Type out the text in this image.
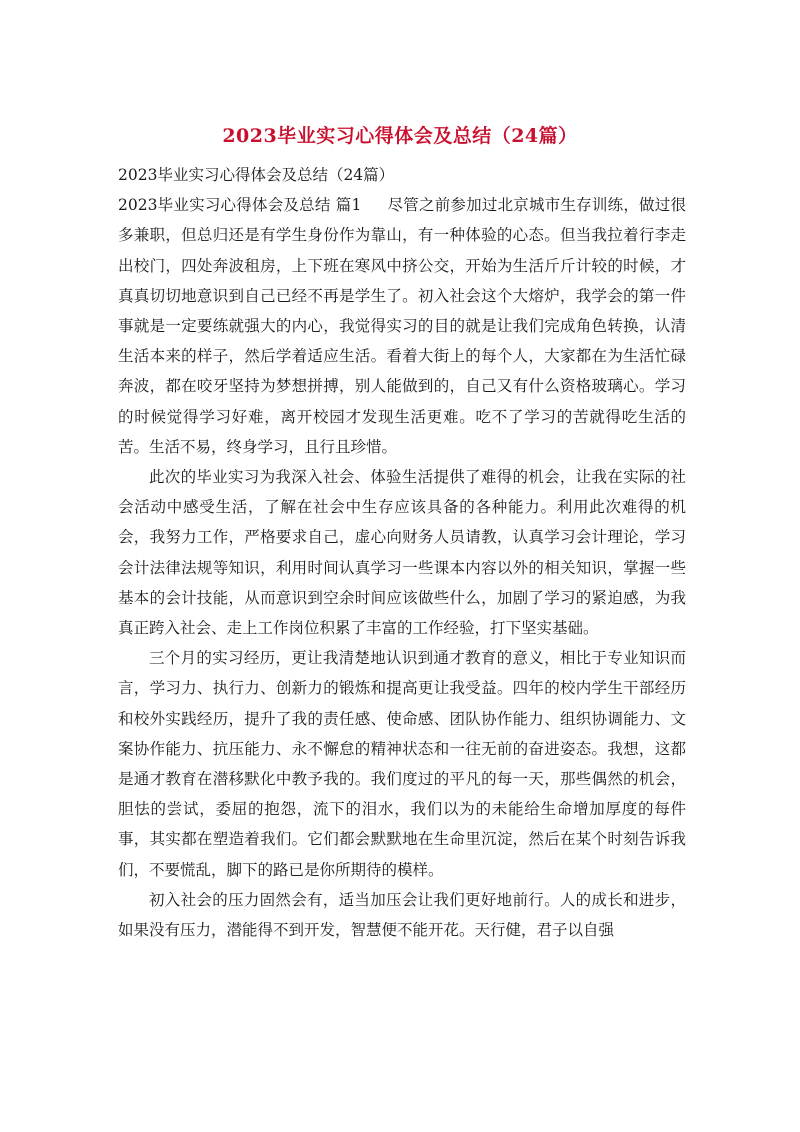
2023毕业实习心得体会及总结（24篇）

2023毕业实习心得体会及总结（24篇）

2023毕业实习心得体会及总结 篇1 尽管之前参加过北京城市生存训练，做过很多兼职，但总归还是有学生身份作为靠山，有一种体验的心态。但当我拉着行李走出校门，四处奔波租房，上下班在寒风中挤公交，开始为生活斤斤计较的时候，才真真切切地意识到自己已经不再是学生了。初入社会这个大熔炉，我学会的第一件事就是一定要练就强大的内心，我觉得实习的目的就是让我们完成角色转换，认清生活本来的样子，然后学着适应生活。看着大街上的每个人，大家都在为生活忙碌奔波，都在咬牙坚持为梦想拼搏，别人能做到的，自己又有什么资格玻璃心。学习的时候觉得学习好难，离开校园才发现生活更难。吃不了学习的苦就得吃生活的苦。生活不易，终身学习，且行且珍惜。

此次的毕业实习为我深入社会、体验生活提供了难得的机会，让我在实际的社会活动中感受生活，了解在社会中生存应该具备的各种能力。利用此次难得的机会，我努力工作，严格要求自己，虚心向财务人员请教，认真学习会计理论，学习会计法律法规等知识，利用时间认真学习一些课本内容以外的相关知识，掌握一些基本的会计技能，从而意识到空余时间应该做些什么，加剧了学习的紧迫感，为我真正跨入社会、走上工作岗位积累了丰富的工作经验，打下坚实基础。

三个月的实习经历，更让我清楚地认识到通才教育的意义，相比于专业知识而言，学习力、执行力、创新力的锻炼和提高更让我受益。四年的校内学生干部经历和校外实践经历，提升了我的责任感、使命感、团队协作能力、组织协调能力、文案协作能力、抗压能力、永不懈怠的精神状态和一往无前的奋进姿态。我想，这都是通才教育在潜移默化中教予我的。我们度过的平凡的每一天，那些偶然的机会，胆怯的尝试，委屈的抱怨，流下的泪水，我们以为的未能给生命增加厚度的每件事，其实都在塑造着我们。它们都会默默地在生命里沉淀，然后在某个时刻告诉我们，不要慌乱，脚下的路已是你所期待的模样。

初入社会的压力固然会有，适当加压会让我们更好地前行。人的成长和进步，如果没有压力，潜能得不到开发，智慧便不能开花。天行健，君子以自强
